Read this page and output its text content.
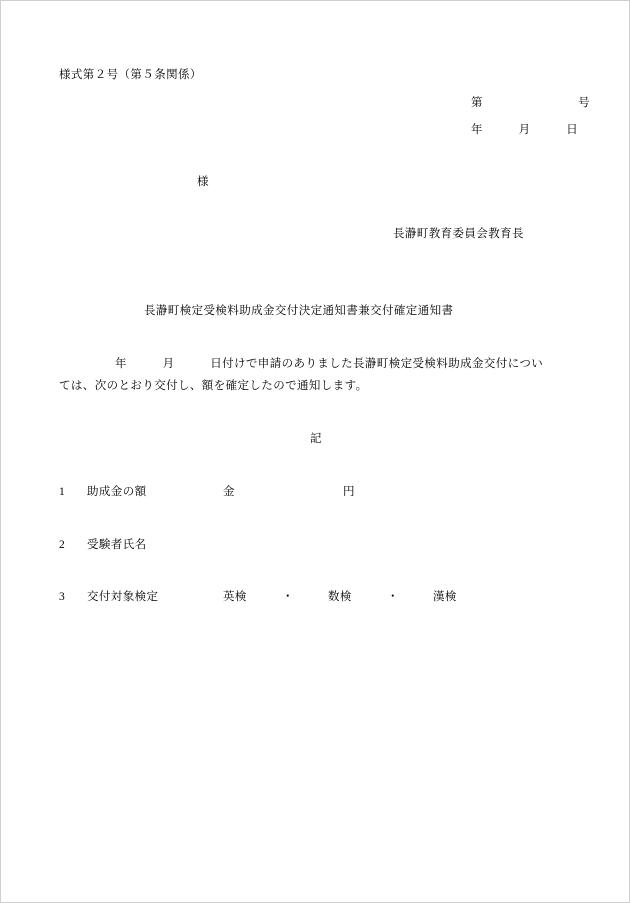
様式第２号（第５条関係）
第　　　　　　　　号
年　　　月　　　日
様
長瀞町教育委員会教育長
長瀞町検定受検料助成金交付決定通知書兼交付確定通知書
年　　　月　　　日付けで申請のありました長瀞町検定受検料助成金交付につい
ては、次のとおり交付し、額を確定したので通知します。
記
1 助成金の額	金	円
2 受験者氏名
3 交付対象検定	英検	・	数検	・	漢検
